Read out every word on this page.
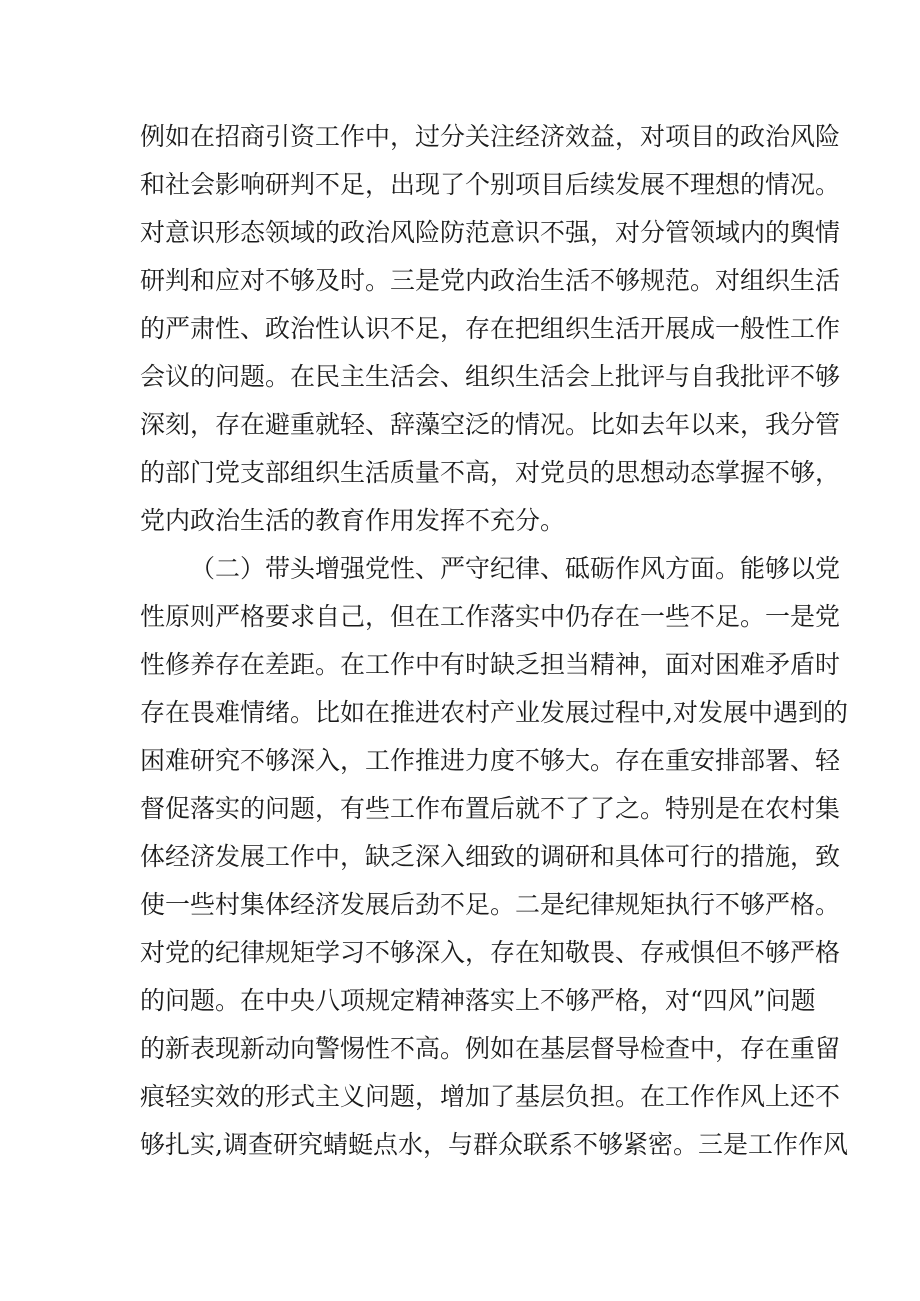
例如在招商引资工作中，过分关注经济效益，对项目的政治风险
和社会影响研判不足，出现了个别项目后续发展不理想的情况。
对意识形态领域的政治风险防范意识不强，对分管领域内的舆情
研判和应对不够及时。三是党内政治生活不够规范。对组织生活
的严肃性、政治性认识不足，存在把组织生活开展成一般性工作
会议的问题。在民主生活会、组织生活会上批评与自我批评不够
深刻，存在避重就轻、辞藻空泛的情况。比如去年以来，我分管
的部门党支部组织生活质量不高，对党员的思想动态掌握不够，
党内政治生活的教育作用发挥不充分。
（二）带头增强党性、严守纪律、砥砺作风方面。能够以党
性原则严格要求自己，但在工作落实中仍存在一些不足。一是党
性修养存在差距。在工作中有时缺乏担当精神，面对困难矛盾时
存在畏难情绪。比如在推进农村产业发展过程中,对发展中遇到的
困难研究不够深入，工作推进力度不够大。存在重安排部署、轻
督促落实的问题，有些工作布置后就不了了之。特别是在农村集
体经济发展工作中，缺乏深入细致的调研和具体可行的措施，致
使一些村集体经济发展后劲不足。二是纪律规矩执行不够严格。
对党的纪律规矩学习不够深入，存在知敬畏、存戒惧但不够严格
的问题。在中央八项规定精神落实上不够严格，对“四风”问题
的新表现新动向警惕性不高。例如在基层督导检查中，存在重留
痕轻实效的形式主义问题，增加了基层负担。在工作作风上还不
够扎实,调查研究蜻蜓点水，与群众联系不够紧密。三是工作作风
